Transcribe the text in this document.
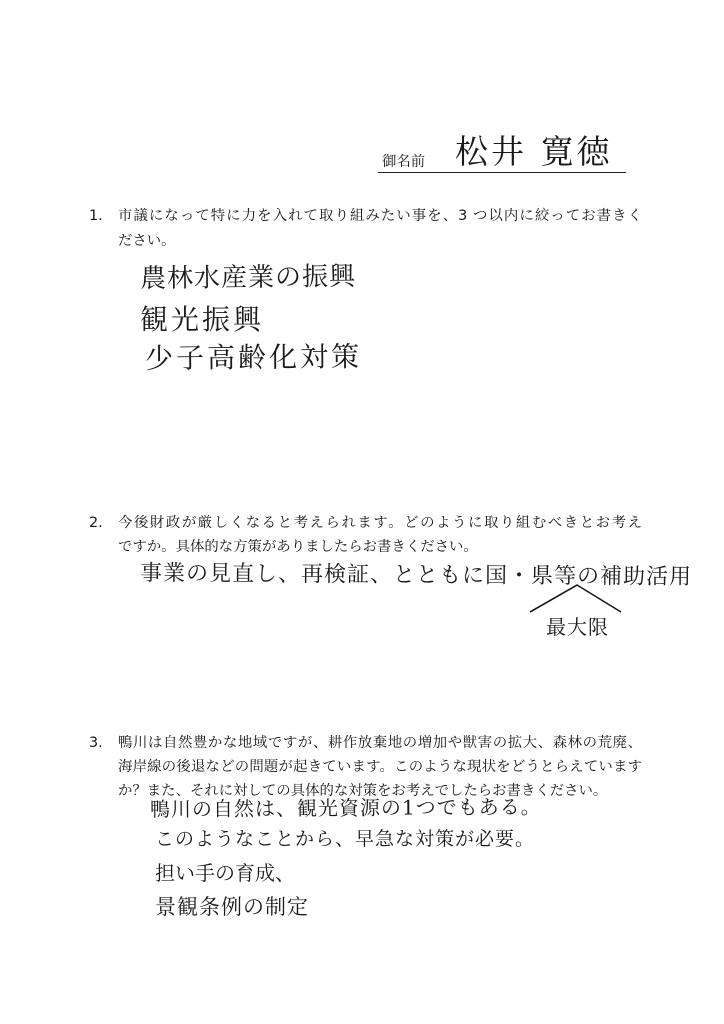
御名前 松井 寛徳
1. 市議になって特に力を入れて取り組みたい事を、3 つ以内に絞ってお書きく
ださい。
農林水産業の振興
観光振興
少子高齢化対策
2. 今後財政が厳しくなると考えられます。どのように取り組むべきとお考え
ですか。具体的な方策がありましたらお書きください。
事業の見直し、再検証、とともに国・県等の補助活用
最大限
3. 鴨川は自然豊かな地域ですが、耕作放棄地の増加や獣害の拡大、森林の荒廃、
海岸線の後退などの問題が起きています。このような現状をどうとらえています
か？また、それに対しての具体的な対策をお考えでしたらお書きください。
鴨川の自然は、観光資源の1つでもある。
このようなことから、早急な対策が必要。
担い手の育成、
景観条例の制定
